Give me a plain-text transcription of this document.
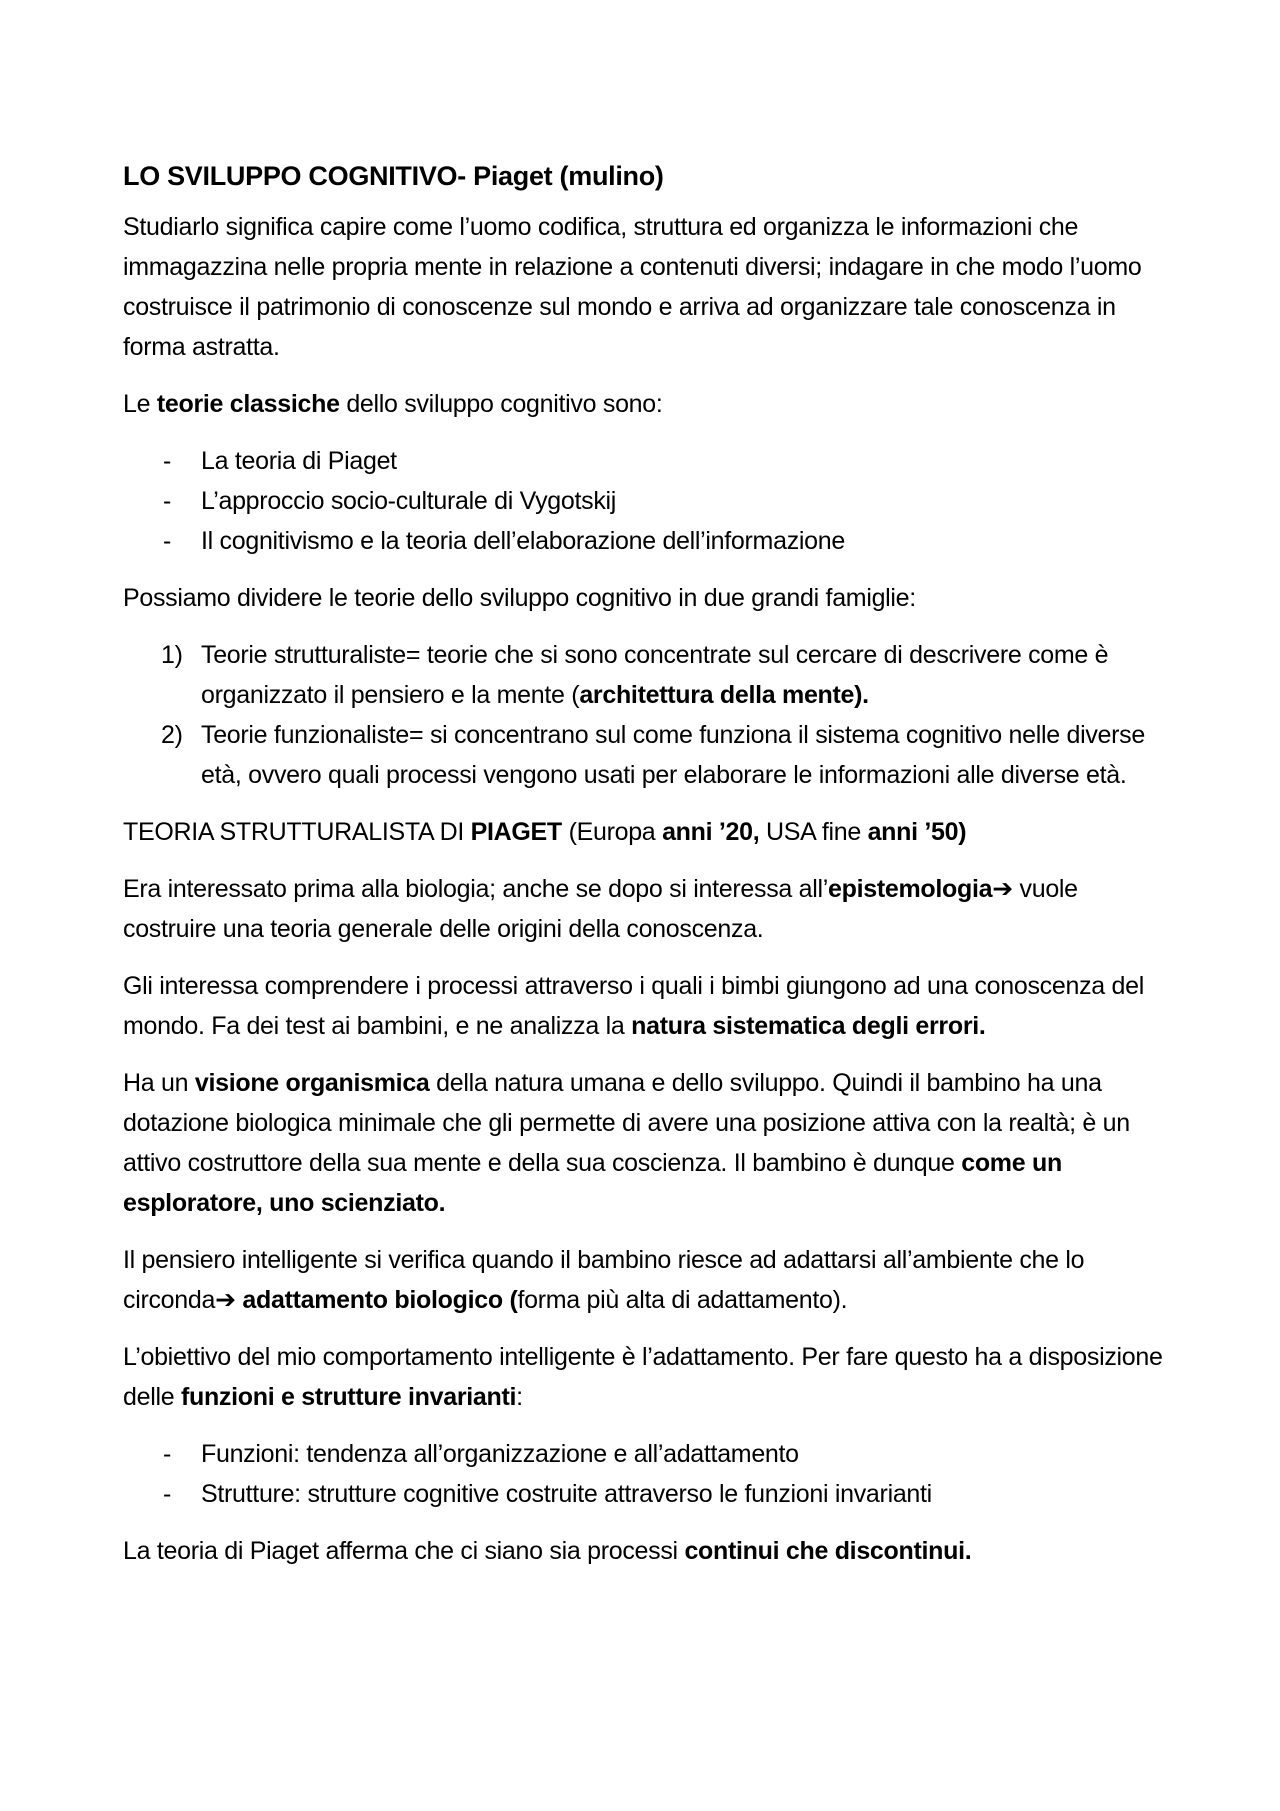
LO SVILUPPO COGNITIVO- Piaget (mulino)

Studiarlo significa capire come l’uomo codifica, struttura ed organizza le informazioni che immagazzina nelle propria mente in relazione a contenuti diversi; indagare in che modo l’uomo costruisce il patrimonio di conoscenze sul mondo e arriva ad organizzare tale conoscenza in forma astratta.

Le teorie classiche dello sviluppo cognitivo sono:

- La teoria di Piaget
- L’approccio socio-culturale di Vygotskij
- Il cognitivismo e la teoria dell’elaborazione dell’informazione

Possiamo dividere le teorie dello sviluppo cognitivo in due grandi famiglie:

1) Teorie strutturaliste= teorie che si sono concentrate sul cercare di descrivere come è organizzato il pensiero e la mente (architettura della mente).
2) Teorie funzionaliste= si concentrano sul come funziona il sistema cognitivo nelle diverse età, ovvero quali processi vengono usati per elaborare le informazioni alle diverse età.

TEORIA STRUTTURALISTA DI PIAGET (Europa anni ’20, USA fine anni ’50)

Era interessato prima alla biologia; anche se dopo si interessa all’epistemologia➔ vuole costruire una teoria generale delle origini della conoscenza.

Gli interessa comprendere i processi attraverso i quali i bimbi giungono ad una conoscenza del mondo. Fa dei test ai bambini, e ne analizza la natura sistematica degli errori.

Ha un visione organismica della natura umana e dello sviluppo. Quindi il bambino ha una dotazione biologica minimale che gli permette di avere una posizione attiva con la realtà; è un attivo costruttore della sua mente e della sua coscienza. Il bambino è dunque come un esploratore, uno scienziato.

Il pensiero intelligente si verifica quando il bambino riesce ad adattarsi all’ambiente che lo circonda➔ adattamento biologico (forma più alta di adattamento).

L’obiettivo del mio comportamento intelligente è l’adattamento. Per fare questo ha a disposizione delle funzioni e strutture invarianti:

- Funzioni: tendenza all’organizzazione e all’adattamento
- Strutture: strutture cognitive costruite attraverso le funzioni invarianti

La teoria di Piaget afferma che ci siano sia processi continui che discontinui.
